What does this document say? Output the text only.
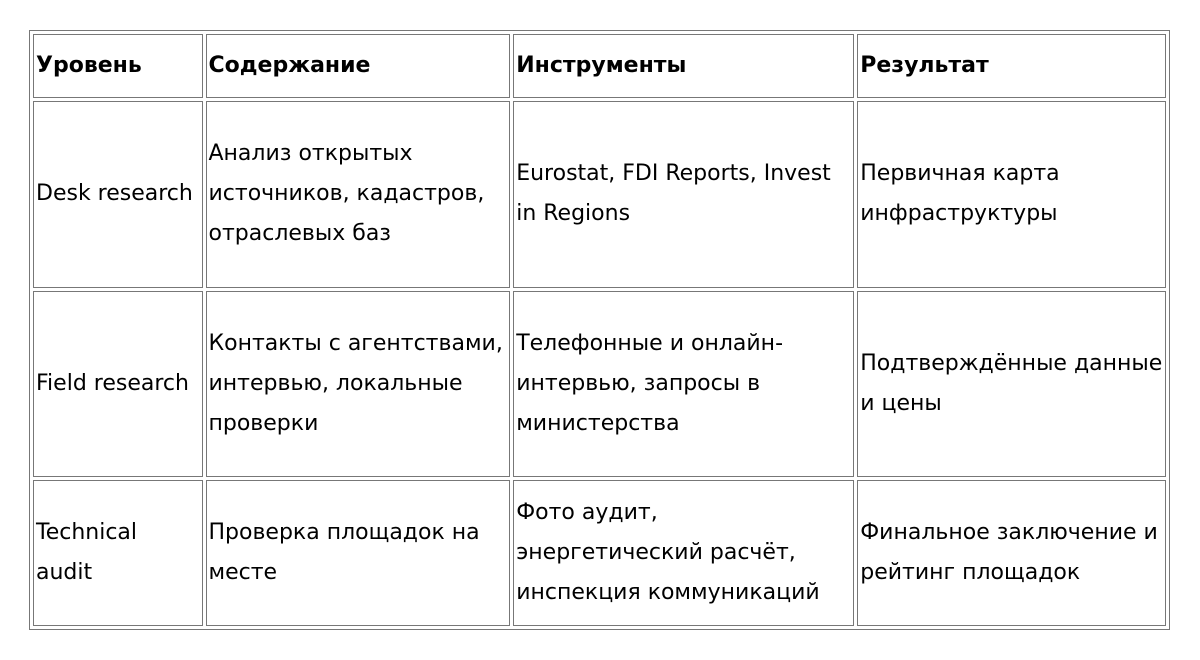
Уровень	Содержание	Инструменты	Результат
Desk research	Анализ открытых источников, кадастров, отраслевых баз	Eurostat, FDI Reports, Invest in Regions	Первичная карта инфраструктуры
Field research	Контакты с агентствами, интервью, локальные проверки	Телефонные и онлайн-интервью, запросы в министерства	Подтверждённые данные и цены
Technical audit	Проверка площадок на месте	Фото аудит, энергетический расчёт, инспекция коммуникаций	Финальное заключение и рейтинг площадок
